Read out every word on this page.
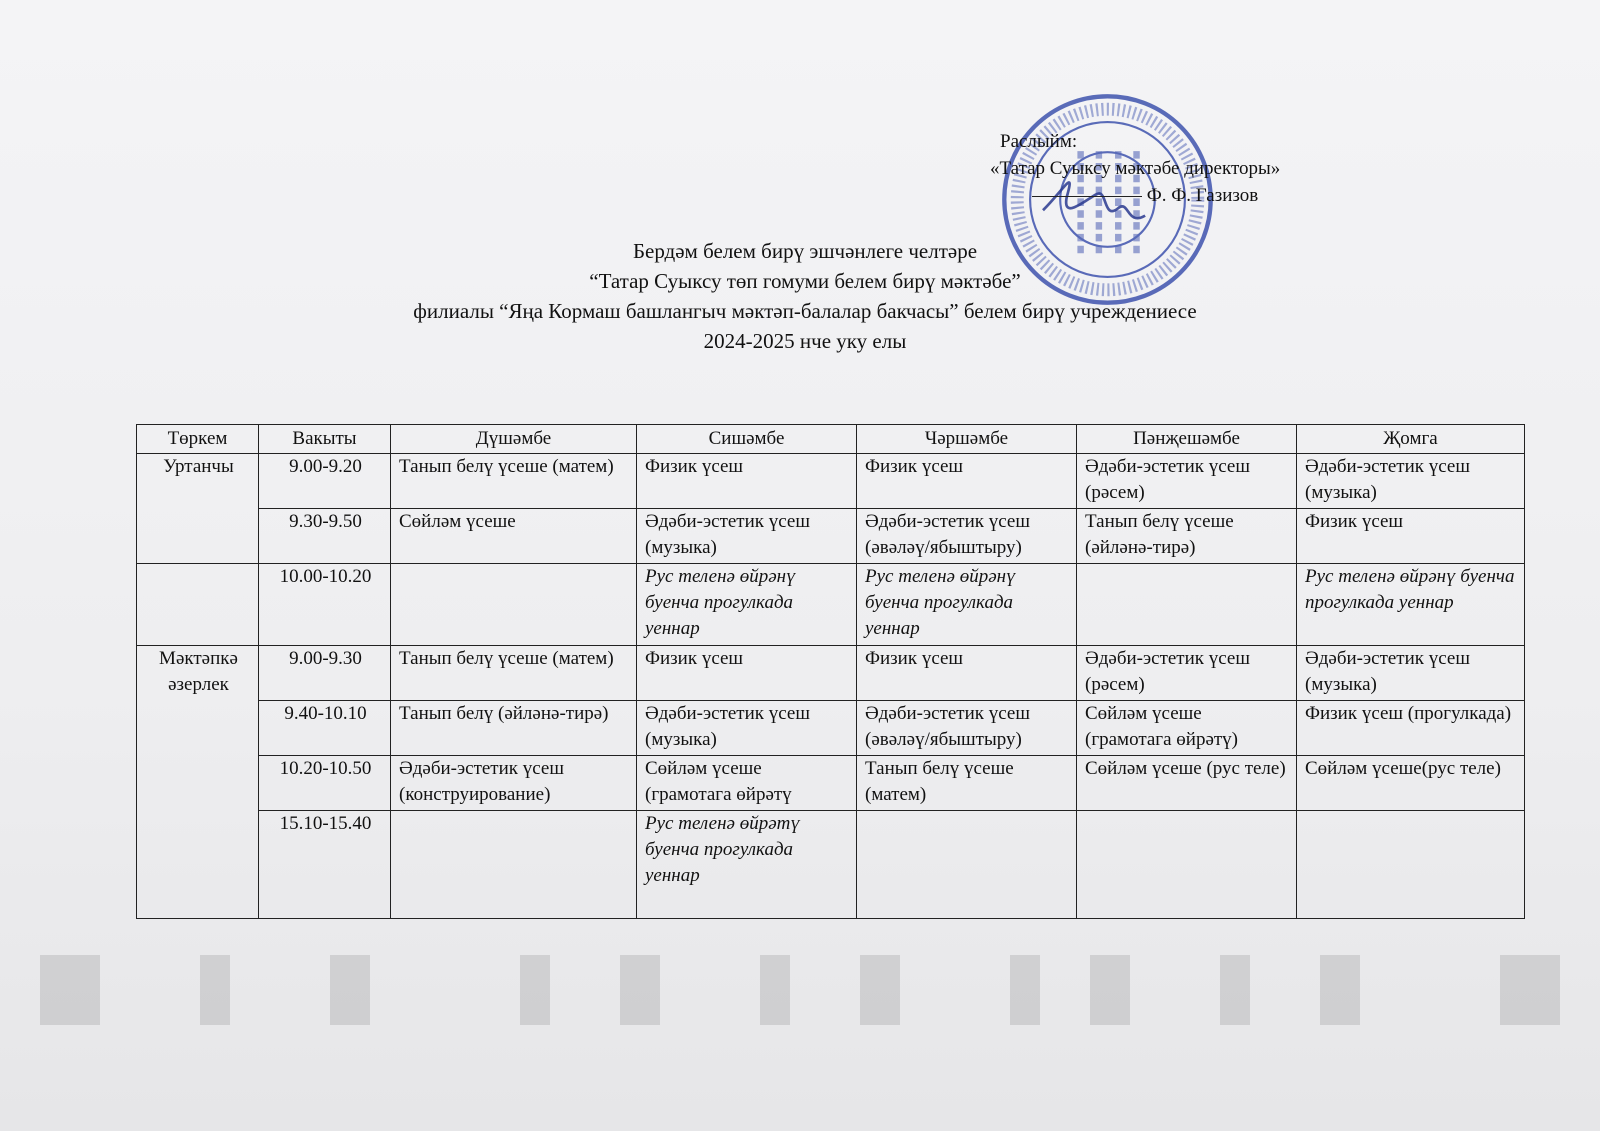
Раслыйм:
«Татар Суыксу мәктәбе директоры»
Ф. Ф. Газизов
Бердәм белем бирү эшчәнлеге челтәре
“Татар Суыксу төп гомуми белем бирү мәктәбе”
филиалы “Яңа Кормаш башлангыч мәктәп-балалар бакчасы” белем бирү учреждениесе
2024-2025 нче уку елы
Төркем	Вакыты	Дүшәмбе	Сишәмбе	Чәршәмбе	Пәнҗешәмбе	Җомга
Уртанчы	9.00-9.20	Танып белү үсеше (матем)	Физик үсеш	Физик үсеш	Әдәби-эстетик үсеш (рәсем)	Әдәби-эстетик үсеш (музыка)
	9.30-9.50	Сөйләм үсеше	Әдәби-эстетик үсеш (музыка)	Әдәби-эстетик үсеш (әвәләү/ябыштыру)	Танып белү үсеше (әйләнә-тирә)	Физик үсеш
	10.00-10.20		Рус теленә өйрәнү буенча прогулкада уеннар	Рус теленә өйрәнү буенча прогулкада уеннар		Рус теленә өйрәнү буенча прогулкада уеннар
Мәктәпкә әзерлек	9.00-9.30	Танып белү үсеше (матем)	Физик үсеш	Физик үсеш	Әдәби-эстетик үсеш (рәсем)	Әдәби-эстетик үсеш (музыка)
	9.40-10.10	Танып белү (әйләнә-тирә)	Әдәби-эстетик үсеш (музыка)	Әдәби-эстетик үсеш (әвәләү/ябыштыру)	Сөйләм үсеше (грамотага өйрәтү)	Физик үсеш (прогулкада)
	10.20-10.50	Әдәби-эстетик үсеш (конструирование)	Сөйләм үсеше (грамотага өйрәтү	Танып белү үсеше (матем)	Сөйләм үсеше (рус теле)	Сөйләм үсеше(рус теле)
	15.10-15.40		Рус теленә өйрәтү буенча прогулкада уеннар			
